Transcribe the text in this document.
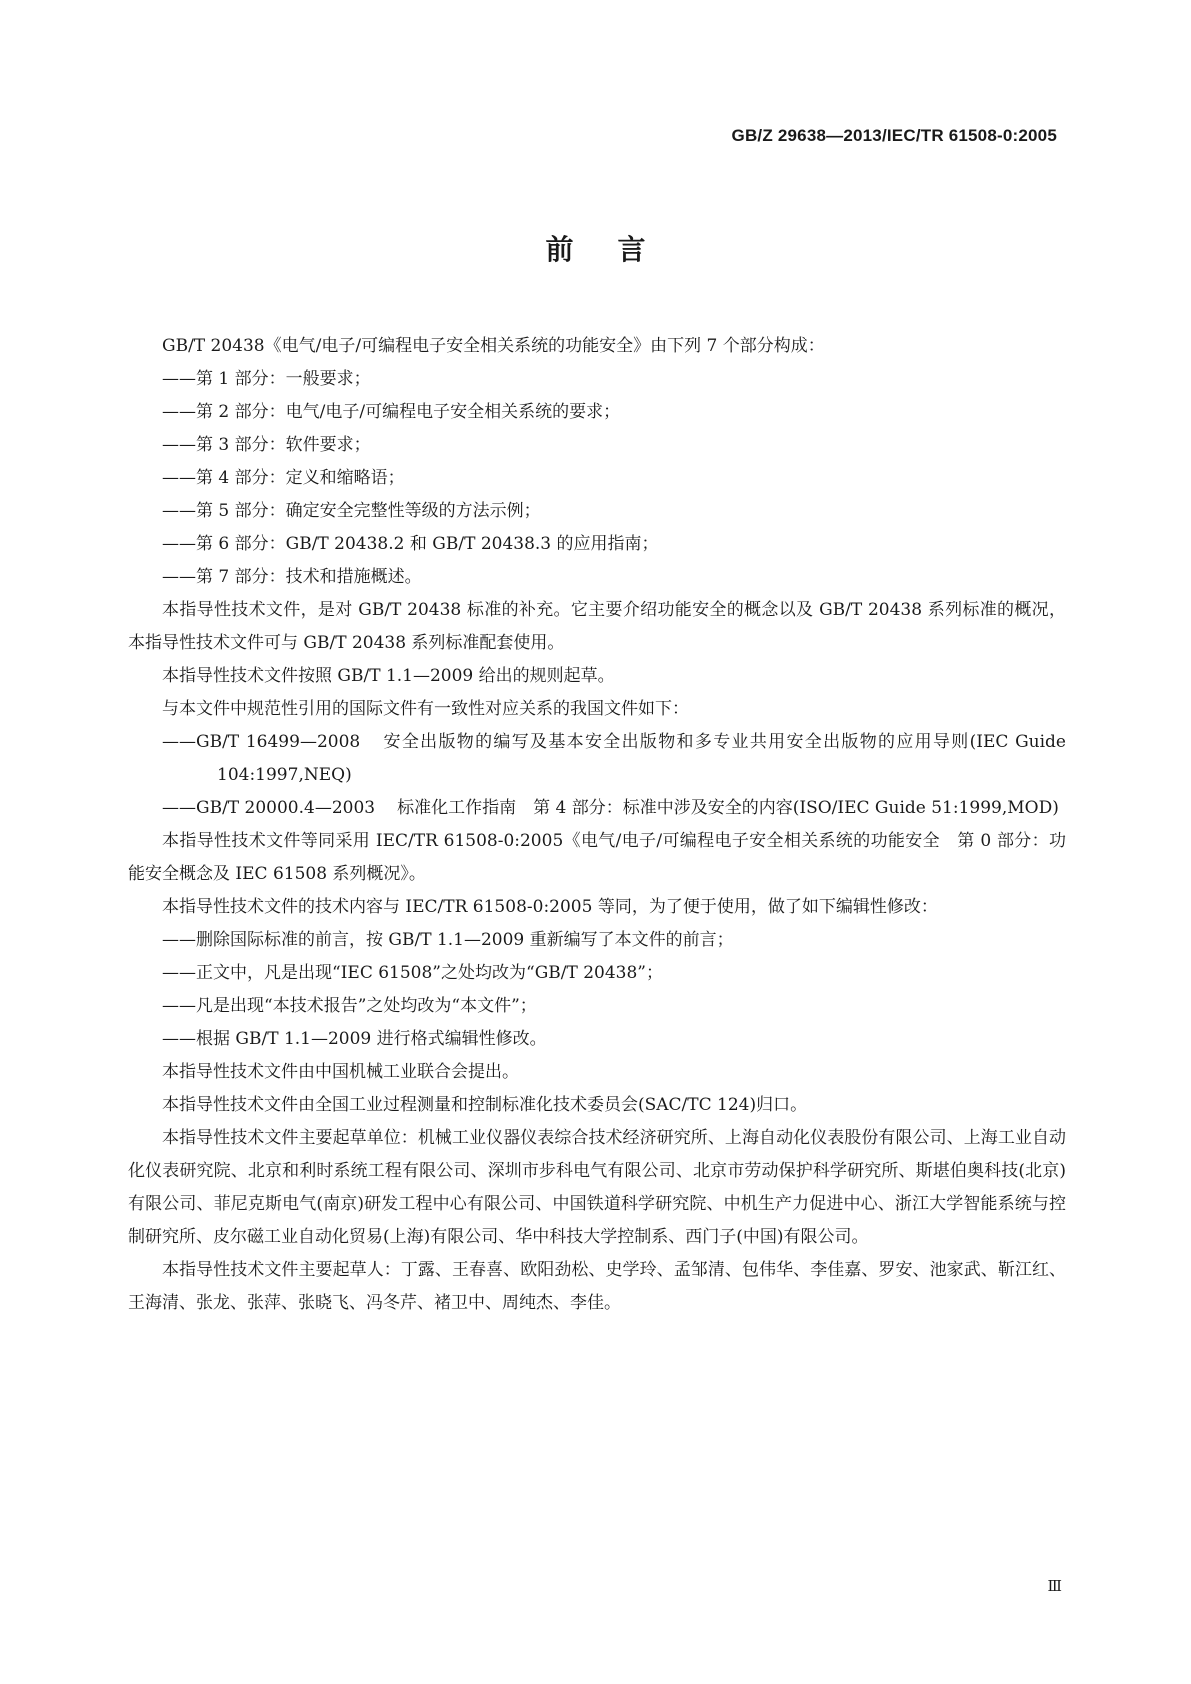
GB/Z 29638—2013/IEC/TR 61508-0:2005
前言

GB/T 20438《电气/电子/可编程电子安全相关系统的功能安全》由下列 7 个部分构成：

——第 1 部分：一般要求；

——第 2 部分：电气/电子/可编程电子安全相关系统的要求；

——第 3 部分：软件要求；

——第 4 部分：定义和缩略语；

——第 5 部分：确定安全完整性等级的方法示例；

——第 6 部分：GB/T 20438.2 和 GB/T 20438.3 的应用指南；

——第 7 部分：技术和措施概述。

本指导性技术文件，是对 GB/T 20438 标准的补充。它主要介绍功能安全的概念以及 GB/T 20438 系列标准的概况，本指导性技术文件可与 GB/T 20438 系列标准配套使用。

本指导性技术文件按照 GB/T 1.1—2009 给出的规则起草。

与本文件中规范性引用的国际文件有一致性对应关系的我国文件如下：

——GB/T 16499—2008 安全出版物的编写及基本安全出版物和多专业共用安全出版物的应用导则(IEC Guide 104:1997,NEQ)

——GB/T 20000.4—2003 标准化工作指南　第 4 部分：标准中涉及安全的内容(ISO/IEC Guide 51:1999,MOD)

本指导性技术文件等同采用 IEC/TR 61508-0:2005《电气/电子/可编程电子安全相关系统的功能安全　第 0 部分：功能安全概念及 IEC 61508 系列概况》。

本指导性技术文件的技术内容与 IEC/TR 61508-0:2005 等同，为了便于使用，做了如下编辑性修改：

——删除国际标准的前言，按 GB/T 1.1—2009 重新编写了本文件的前言；

——正文中，凡是出现“IEC 61508”之处均改为“GB/T 20438”；

——凡是出现“本技术报告”之处均改为“本文件”；

——根据 GB/T 1.1—2009 进行格式编辑性修改。

本指导性技术文件由中国机械工业联合会提出。

本指导性技术文件由全国工业过程测量和控制标准化技术委员会(SAC/TC 124)归口。

本指导性技术文件主要起草单位：机械工业仪器仪表综合技术经济研究所、上海自动化仪表股份有限公司、上海工业自动化仪表研究院、北京和利时系统工程有限公司、深圳市步科电气有限公司、北京市劳动保护科学研究所、斯堪伯奥科技(北京)有限公司、菲尼克斯电气(南京)研发工程中心有限公司、中国铁道科学研究院、中机生产力促进中心、浙江大学智能系统与控制研究所、皮尔磁工业自动化贸易(上海)有限公司、华中科技大学控制系、西门子(中国)有限公司。

本指导性技术文件主要起草人：丁露、王春喜、欧阳劲松、史学玲、孟邹清、包伟华、李佳嘉、罗安、池家武、靳江红、王海清、张龙、张萍、张晓飞、冯冬芹、褚卫中、周纯杰、李佳。

Ⅲ
